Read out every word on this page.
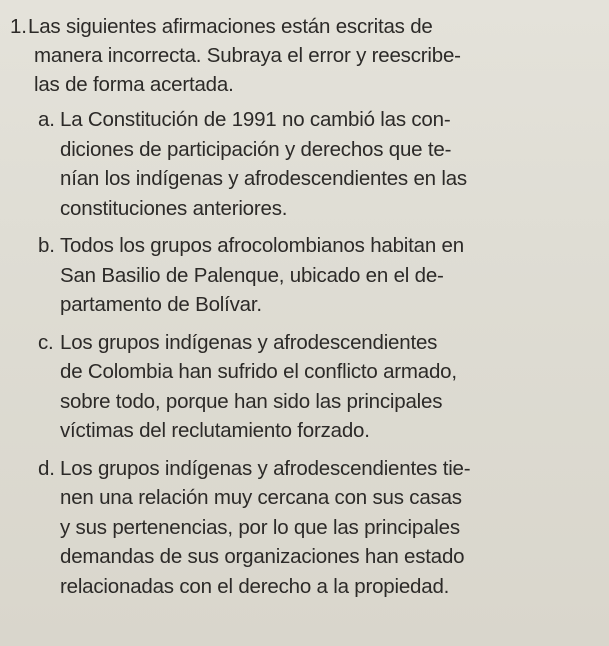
1.Las siguientes afirmaciones están escritas de
manera incorrecta. Subraya el error y reescribe-
las de forma acertada.
a. La Constitución de 1991 no cambió las con-
diciones de participación y derechos que te-
nían los indígenas y afrodescendientes en las
constituciones anteriores.
b. Todos los grupos afrocolombianos habitan en
San Basilio de Palenque, ubicado en el de-
partamento de Bolívar.
c. Los grupos indígenas y afrodescendientes
de Colombia han sufrido el conflicto armado,
sobre todo, porque han sido las principales
víctimas del reclutamiento forzado.
d. Los grupos indígenas y afrodescendientes tie-
nen una relación muy cercana con sus casas
y sus pertenencias, por lo que las principales
demandas de sus organizaciones han estado
relacionadas con el derecho a la propiedad.
